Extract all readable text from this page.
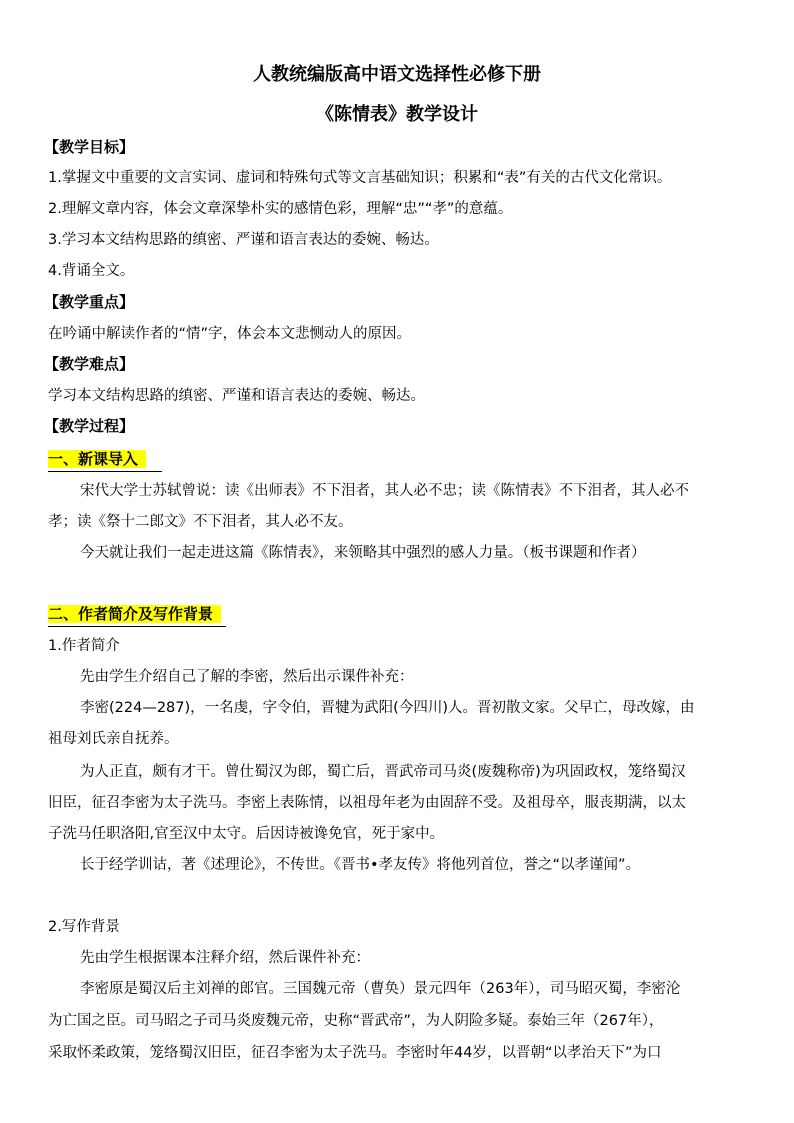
人教统编版高中语文选择性必修下册
《陈情表》教学设计
【教学目标】
1.掌握文中重要的文言实词、虚词和特殊句式等文言基础知识；积累和“表”有关的古代文化常识。
2.理解文章内容，体会文章深挚朴实的感情色彩，理解“忠”“孝”的意蕴。
3.学习本文结构思路的缜密、严谨和语言表达的委婉、畅达。
4.背诵全文。
【教学重点】
在吟诵中解读作者的“情”字，体会本文悲恻动人的原因。
【教学难点】
学习本文结构思路的缜密、严谨和语言表达的委婉、畅达。
【教学过程】
一、新课导入
宋代大学士苏轼曾说：读《出师表》不下泪者，其人必不忠；读《陈情表》不下泪者，其人必不
孝；读《祭十二郎文》不下泪者，其人必不友。
今天就让我们一起走进这篇《陈情表》，来领略其中强烈的感人力量。（板书课题和作者）
二、作者简介及写作背景
1.作者简介
先由学生介绍自己了解的李密，然后出示课件补充：
李密(224—287)，一名虔，字令伯，晋犍为武阳(今四川)人。晋初散文家。父早亡，母改嫁，由
祖母刘氏亲自抚养。
为人正直，颇有才干。曾仕蜀汉为郎，蜀亡后，晋武帝司马炎(废魏称帝)为巩固政权，笼络蜀汉
旧臣，征召李密为太子洗马。李密上表陈情，以祖母年老为由固辞不受。及祖母卒，服丧期满，以太
子洗马任职洛阳,官至汉中太守。后因诗被谗免官，死于家中。
长于经学训诂，著《述理论》，不传世。《晋书•孝友传》将他列首位，誉之“以孝谨闻”。
2.写作背景
先由学生根据课本注释介绍，然后课件补充：
李密原是蜀汉后主刘禅的郎官。三国魏元帝（曹奂）景元四年（263年），司马昭灭蜀，李密沦
为亡国之臣。司马昭之子司马炎废魏元帝，史称“晋武帝”，为人阴险多疑。泰始三年（267年），
采取怀柔政策，笼络蜀汉旧臣，征召李密为太子洗马。李密时年44岁，以晋朝“以孝治天下”为口
